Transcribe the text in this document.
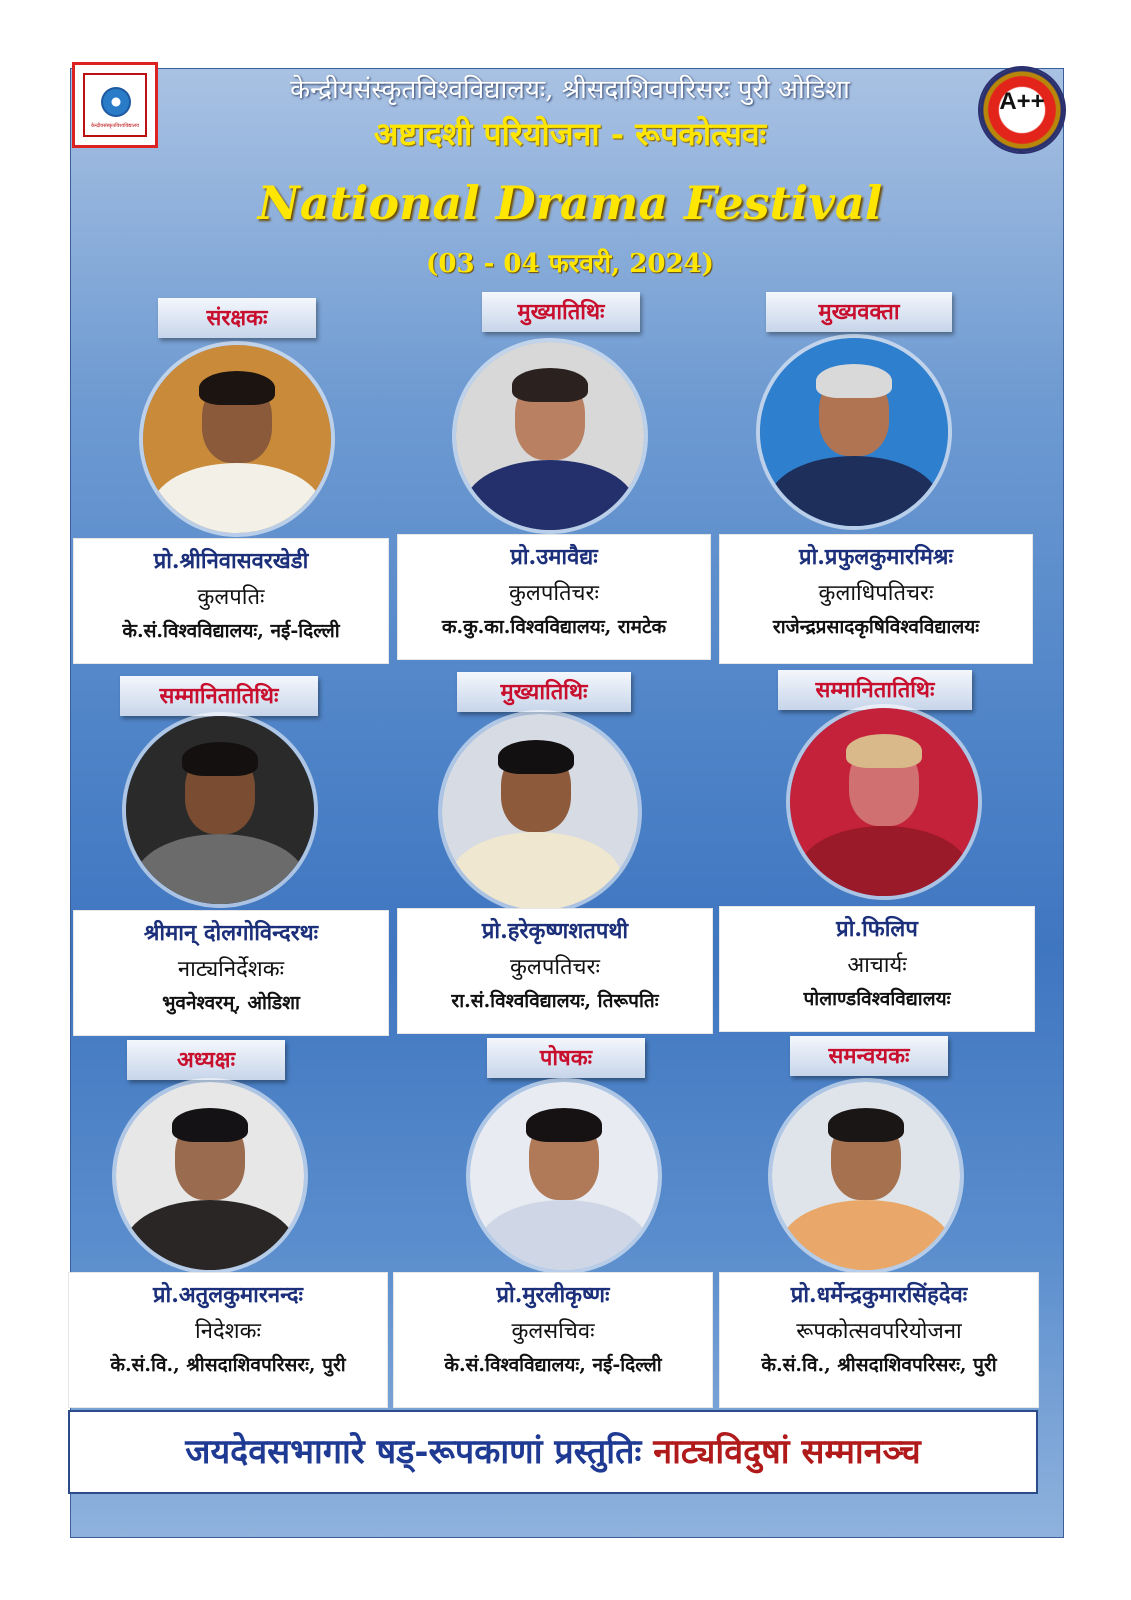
केन्द्रीयसंस्कृतविश्वविद्यालय
A++
NAAC
केन्द्रीयसंस्कृतविश्वविद्यालयः, श्रीसदाशिवपरिसरः पुरी ओडिशा
अष्टादशी परियोजना - रूपकोत्सवः
National Drama Festival
(03 - 04 फरवरी, 2024)
संरक्षकः
प्रो.श्रीनिवासवरखेडी
कुलपतिः
के.सं.विश्वविद्यालयः, नई-दिल्ली
मुख्यातिथिः
प्रो.उमावैद्यः
कुलपतिचरः
क.कु.का.विश्वविद्यालयः, रामटेक
मुख्यवक्ता
प्रो.प्रफुलकुमारमिश्रः
कुलाधिपतिचरः
राजेन्द्रप्रसादकृषिविश्वविद्यालयः
सम्मानितातिथिः
श्रीमान् दोलगोविन्दरथः
नाट्यनिर्देशकः
भुवनेश्वरम्, ओडिशा
मुख्यातिथिः
प्रो.हरेकृष्णशतपथी
कुलपतिचरः
रा.सं.विश्वविद्यालयः, तिरूपतिः
सम्मानितातिथिः
प्रो.फिलिप
आचार्यः
पोलाण्डविश्वविद्यालयः
अध्यक्षः
प्रो.अतुलकुमारनन्दः
निदेशकः
के.सं.वि., श्रीसदाशिवपरिसरः, पुरी
पोषकः
प्रो.मुरलीकृष्णः
कुलसचिवः
के.सं.विश्वविद्यालयः, नई-दिल्ली
समन्वयकः
प्रो.धर्मेन्द्रकुमारसिंहदेवः
रूपकोत्सवपरियोजना
के.सं.वि., श्रीसदाशिवपरिसरः, पुरी
जयदेवसभागारे षड्-रूपकाणां प्रस्तुतिः नाट्यविदुषां सम्मानञ्च
